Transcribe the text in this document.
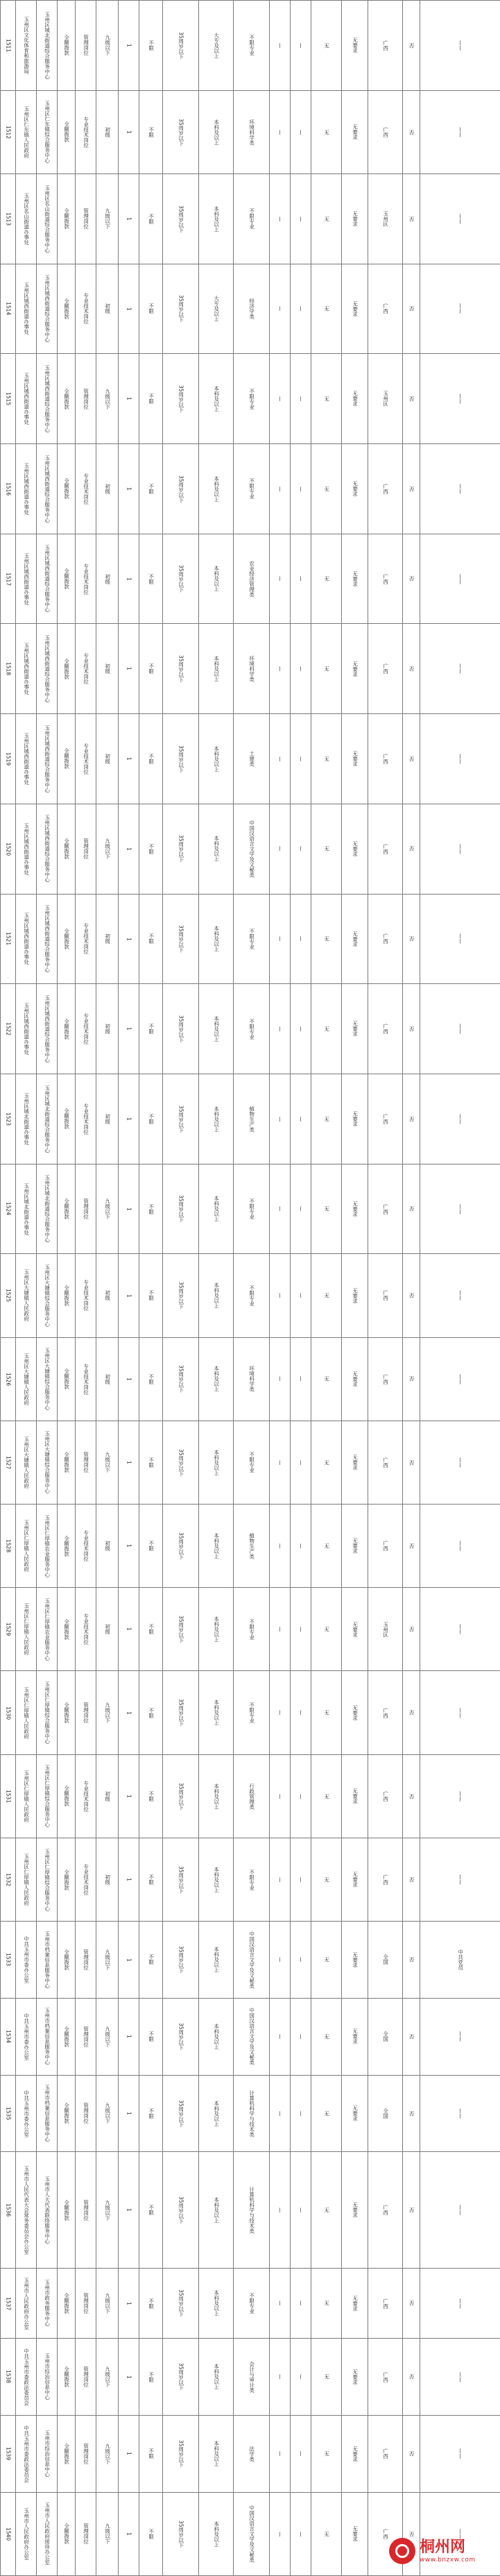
1511	玉州区文化体育和旅游局	玉州区城北街道综合服务中心	全额拨款	管理岗位	九级以下	1	不限	35周岁以下	大专及以上	不限专业	—	—	无	无要求	广西	否	——
1512	玉州区仁东镇人民政府	玉州区仁东镇综合服务中心	全额拨款	专业技术岗位	初级	1	不限	35周岁以下	本科及以上	环境科学类	—	—	无	无要求	广西	否	——
1513	玉州区名山街道办事处	玉州区名山街道综合服务中心	全额拨款	管理岗位	九级以下	1	不限	35周岁以下	本科及以上	不限专业	—	—	无	无要求	玉州区	否	——
1514	玉州区城西街道办事处	玉州区城西街道综合服务中心	全额拨款	专业技术岗位	初级	1	不限	35周岁以下	大专及以上	经济学类	—	—	无	无要求	广西	否	——
1515	玉州区城西街道办事处	玉州区城西街道综合服务中心	全额拨款	管理岗位	九级以下	1	不限	35周岁以下	本科及以上	不限专业	—	—	无	无要求	玉州区	否	——
1516	玉州区城西街道办事处	玉州区城西街道综合服务中心	全额拨款	专业技术岗位	初级	1	不限	35周岁以下	本科及以上	不限专业	—	—	无	无要求	广西	否	——
1517	玉州区城西街道办事处	玉州区城西街道综合服务中心	全额拨款	专业技术岗位	初级	1	不限	35周岁以下	本科及以上	农业经济管理类	—	—	无	无要求	广西	否	——
1518	玉州区城西街道办事处	玉州区城西街道综合服务中心	全额拨款	专业技术岗位	初级	1	不限	35周岁以下	本科及以上	环境科学类	—	—	无	无要求	广西	否	——
1519	玉州区城西街道办事处	玉州区城西街道综合服务中心	全额拨款	专业技术岗位	初级	1	不限	35周岁以下	本科及以上	土建类	—	—	无	无要求	广西	否	——
1520	玉州区城西街道办事处	玉州区城西街道综合服务中心	全额拨款	管理岗位	九级以下	1	不限	35周岁以下	本科及以上	中国汉语言文学及文秘类	—	—	无	无要求	广西	否	——
1521	玉州区城西街道办事处	玉州区城西街道综合服务中心	全额拨款	专业技术岗位	初级	1	不限	35周岁以下	本科及以上	不限专业	—	—	无	无要求	广西	否	——
1522	玉州区城西街道办事处	玉州区城西街道综合服务中心	全额拨款	专业技术岗位	初级	1	不限	35周岁以下	本科及以上	不限专业	—	—	无	无要求	广西	否	——
1523	玉州区城北街道办事处	玉州区城北街道综合服务中心	全额拨款	专业技术岗位	初级	1	不限	35周岁以下	本科及以上	植物生产类	—	—	无	无要求	广西	否	——
1524	玉州区城北街道办事处	玉州区城北街道综合服务中心	全额拨款	管理岗位	九级以下	1	不限	35周岁以下	本科及以上	不限专业	—	—	无	无要求	广西	否	——
1525	玉州区大塘镇人民政府	玉州区大塘镇综合服务中心	全额拨款	专业技术岗位	初级	1	不限	35周岁以下	本科及以上	不限专业	—	—	无	无要求	广西	否	——
1526	玉州区大塘镇人民政府	玉州区大塘镇综合服务中心	全额拨款	专业技术岗位	初级	1	不限	35周岁以下	本科及以上	环境科学类	—	—	无	无要求	广西	否	——
1527	玉州区大塘镇人民政府	玉州区大塘镇综合服务中心	全额拨款	管理岗位	九级以下	1	不限	35周岁以下	本科及以上	不限专业	—	—	无	无要求	广西	否	——
1528	玉州区仁厚镇人民政府	玉州区仁厚镇农业服务中心	全额拨款	专业技术岗位	初级	1	不限	35周岁以下	本科及以上	植物生产类	—	—	无	无要求	广西	否	——
1529	玉州区仁厚镇人民政府	玉州区仁厚镇农业服务中心	全额拨款	专业技术岗位	初级	1	不限	35周岁以下	本科及以上	不限专业	—	—	无	无要求	玉州区	否	——
1530	玉州区仁厚镇人民政府	玉州区仁厚镇综合服务中心	全额拨款	管理岗位	九级以下	1	不限	35周岁以下	本科及以上	不限专业	—	—	无	无要求	广西	否	——
1531	玉州区仁厚镇人民政府	玉州区仁厚镇综合服务中心	全额拨款	专业技术岗位	初级	1	不限	35周岁以下	本科及以上	行政管理类	—	—	无	无要求	广西	否	——
1532	玉州区仁厚镇人民政府	玉州区仁厚镇综合服务中心	全额拨款	专业技术岗位	初级	1	不限	35周岁以下	本科及以上	不限专业	—	—	无	无要求	广西	否	——
1533	中共玉州市委办公室	玉州市档案信息服务中心	全额拨款	管理岗位	九级以下	1	不限	35周岁以下	本科及以上	中国汉语言文学及文秘类	—	—	无	无要求	全国	否	中共党员
1534	中共玉州市委办公室	玉州市档案信息服务中心	全额拨款	管理岗位	九级以下	1	不限	35周岁以下	本科及以上	中国汉语言文学及文秘类	—	—	无	无要求	全国	否	——
1535	中共玉州市委办公室	玉州市档案信息服务中心	全额拨款	管理岗位	九级以下	1	不限	35周岁以下	本科及以上	计算机科学与技术类	—	—	无	无要求	全国	否	——
1536	玉州市人民代表大会常务委员会办公室	玉州市人大代表联络服务中心	全额拨款	管理岗位	九级以下	1	不限	35周岁以下	本科及以上	计算机科学与技术类	—	—	无	无要求	广西	否	——
1537	玉州市人民政府办公室	玉州市政务服务中心	全额拨款	管理岗位	九级以下	1	不限	35周岁以下	本科及以上	不限专业	—	—	无	无要求	广西	否	——
1538	中共玉州市委政法委员会	玉州市综治信息中心	全额拨款	管理岗位	九级以下	1	不限	35周岁以下	本科及以上	会计与审计类	—	—	无	无要求	广西	否	——
1539	中共玉州市委政法委员会	玉州市综治信息中心	全额拨款	管理岗位	九级以下	1	不限	35周岁以下	本科及以上	法学类	—	—	无	无要求	广西	否	——
1540	玉州市人民政府办公室	玉州市人民政府接待办公室	全额拨款	管理岗位	九级以下	1	不限	35周岁以下	本科及以上	中国汉语言文学及文秘类	—	—	无	无要求	广西	否	——
桐州网
www.bnzxw.com
